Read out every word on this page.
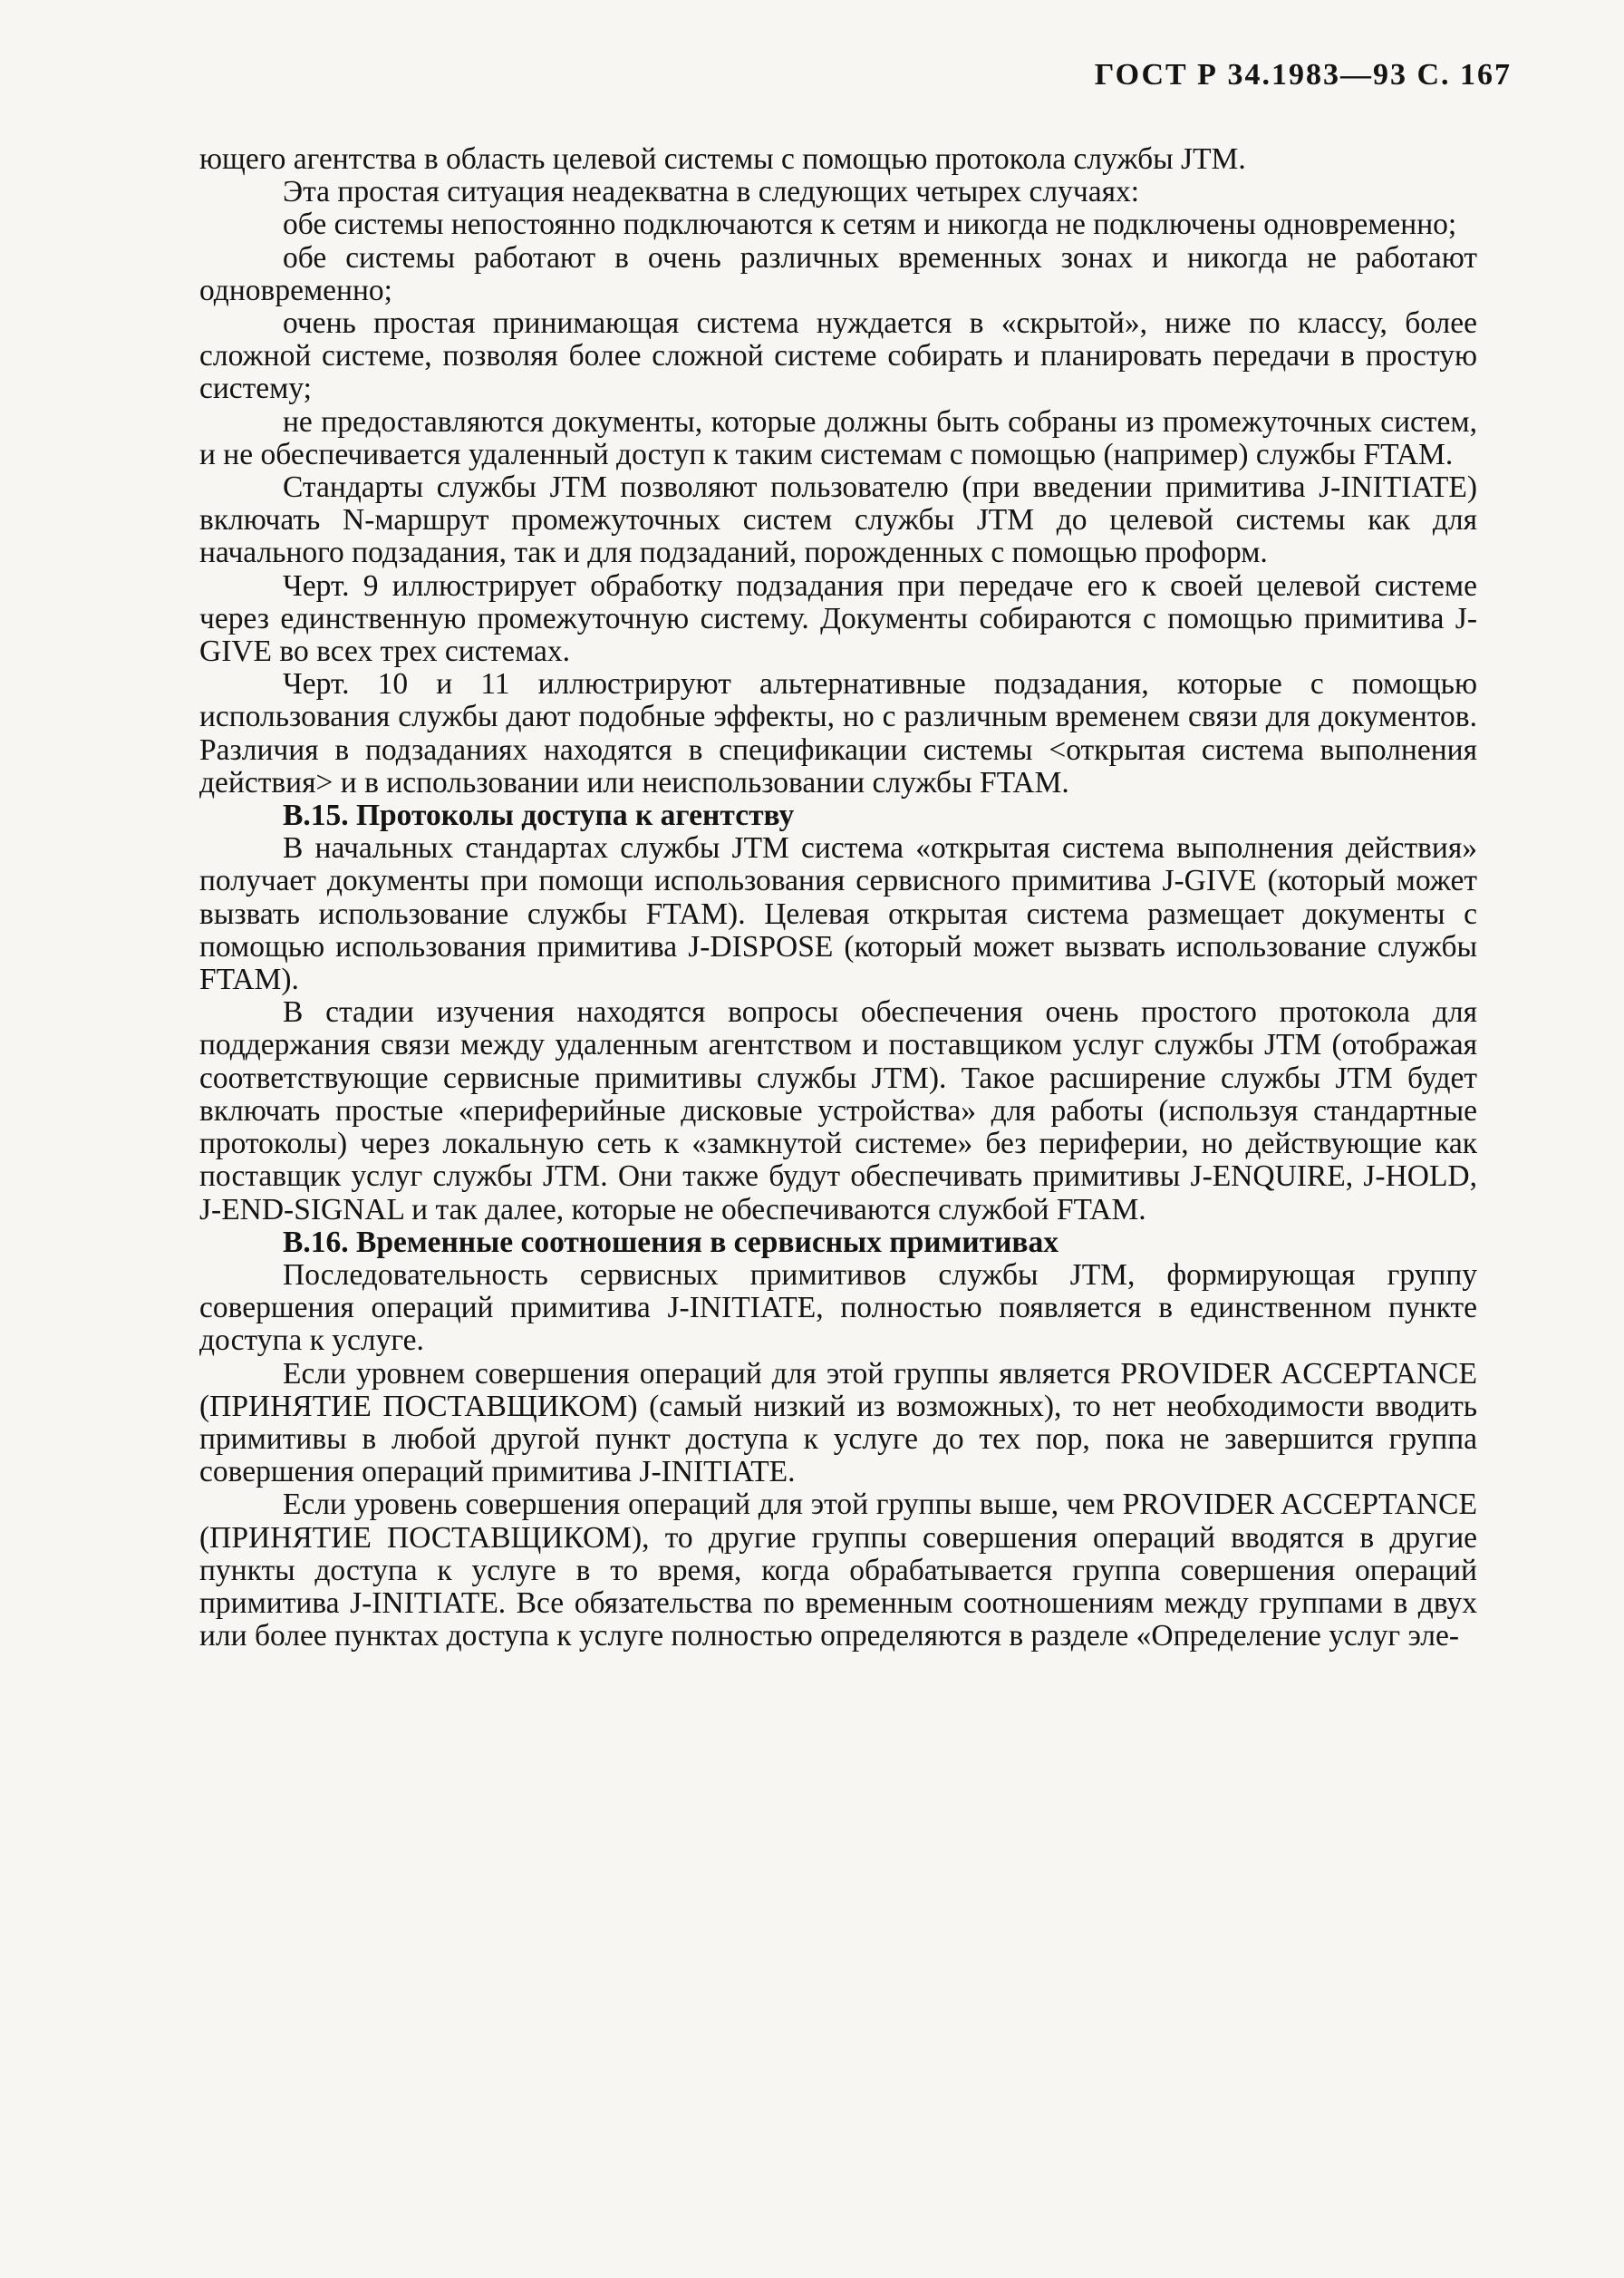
ГОСТ Р 34.1983—93 С. 167

ющего агентства в область целевой системы с помощью протокола службы JTM.

Эта простая ситуация неадекватна в следующих четырех случаях:

обе системы непостоянно подключаются к сетям и никогда не подключены одновременно;

обе системы работают в очень различных временных зонах и никогда не работают одновременно;

очень простая принимающая система нуждается в «скрытой», ниже по классу, более сложной системе, позволяя более сложной системе собирать и планировать передачи в простую систему;

не предоставляются документы, которые должны быть собраны из промежуточных систем, и не обеспечивается удаленный доступ к таким системам с помощью (например) службы FTAM.

Стандарты службы JTM позволяют пользователю (при введении примитива J-INITIATE) включать N-маршрут промежуточных систем службы JTM до целевой системы как для начального подзадания, так и для подзаданий, порожденных с помощью проформ.

Черт. 9 иллюстрирует обработку подзадания при передаче его к своей целевой системе через единственную промежуточную систему. Документы собираются с помощью примитива J-GIVE во всех трех системах.

Черт. 10 и 11 иллюстрируют альтернативные подзадания, которые с помощью использования службы дают подобные эффекты, но с различным временем связи для документов. Различия в подзаданиях находятся в спецификации системы <открытая система выполнения действия> и в использовании или неиспользовании службы FTAM.

В.15. Протоколы доступа к агентству

В начальных стандартах службы JTM система «открытая система выполнения действия» получает документы при помощи использования сервисного примитива J-GIVE (который может вызвать использование службы FTAM). Целевая открытая система размещает документы с помощью использования примитива J-DISPOSE (который может вызвать использование службы FTAM).

В стадии изучения находятся вопросы обеспечения очень простого протокола для поддержания связи между удаленным агентством и поставщиком услуг службы JTM (отображая соответствующие сервисные примитивы службы JTM). Такое расширение службы JTM будет включать простые «периферийные дисковые устройства» для работы (используя стандартные протоколы) через локальную сеть к «замкнутой системе» без периферии, но действующие как поставщик услуг службы JTM. Они также будут обеспечивать примитивы J-ENQUIRE, J-HOLD, J-END-SIGNAL и так далее, которые не обеспечиваются службой FTAM.

В.16. Временные соотношения в сервисных примитивах

Последовательность сервисных примитивов службы JTM, формирующая группу совершения операций примитива J-INITIATE, полностью появляется в единственном пункте доступа к услуге.

Если уровнем совершения операций для этой группы является PROVIDER ACCEPTANCE (ПРИНЯТИЕ ПОСТАВЩИКОМ) (самый низкий из возможных), то нет необходимости вводить примитивы в любой другой пункт доступа к услуге до тех пор, пока не завершится группа совершения операций примитива J-INITIATE.

Если уровень совершения операций для этой группы выше, чем PROVIDER ACCEPTANCE (ПРИНЯТИЕ ПОСТАВЩИКОМ), то другие группы совершения операций вводятся в другие пункты доступа к услуге в то время, когда обрабатывается группа совершения операций примитива J-INITIATE. Все обязательства по временным соотношениям между группами в двух или более пунктах доступа к услуге полностью определяются в разделе «Определение услуг эле-
